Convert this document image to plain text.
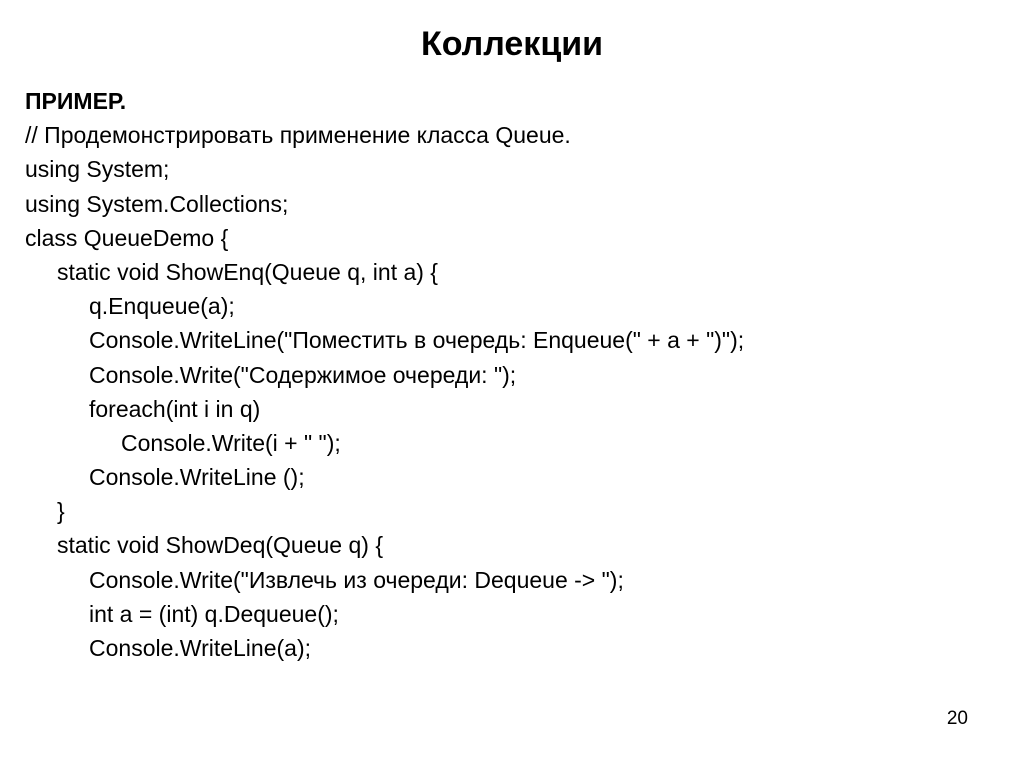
Коллекции
ПРИМЕР.
// Продемонстрировать применение класса Queue.
using System;
using System.Collections;
class QueueDemo {
static void ShowEnq(Queue q, int a) {
q.Enqueue(a);
Console.WriteLine("Поместить в очередь: Enqueue(" + a + ")");
Console.Write("Содержимое очереди: ");
foreach(int i in q)
Console.Write(i + " ");
Console.WriteLine ();
}
static void ShowDeq(Queue q) {
Console.Write("Извлечь из очереди: Dequeue -> ");
int a = (int) q.Dequeue();
Console.WriteLine(a);
20
